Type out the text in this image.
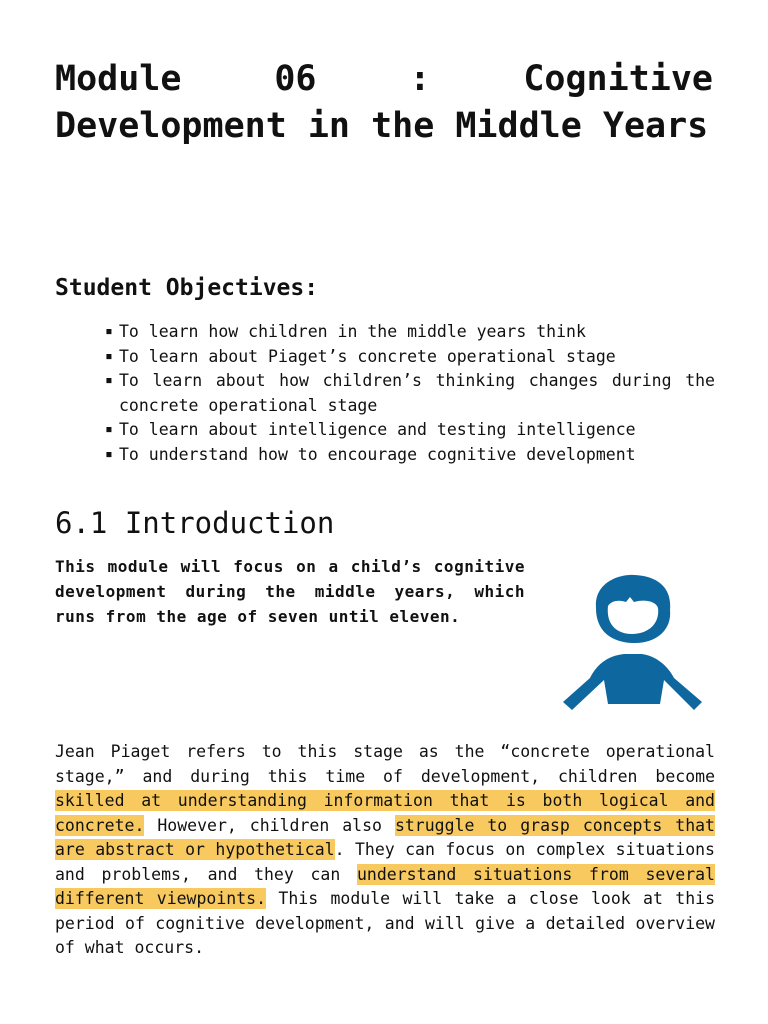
Module 06 : Cognitive Development in the Middle Years
Student Objectives:
▪ To learn how children in the middle years think
▪ To learn about Piaget’s concrete operational stage
▪ To learn about how children’s thinking changes during the concrete operational stage
▪ To learn about intelligence and testing intelligence
▪ To understand how to encourage cognitive development
6.1 Introduction

This module will focus on a child’s cognitive development during the middle years, which runs from the age of seven until eleven.

Jean Piaget refers to this stage as the “concrete operational stage,” and during this time of development, children become skilled at understanding information that is both logical and concrete. However, children also struggle to grasp concepts that are abstract or hypothetical. They can focus on complex situations and problems, and they can understand situations from several different viewpoints. This module will take a close look at this period of cognitive development, and will give a detailed overview of what occurs.
